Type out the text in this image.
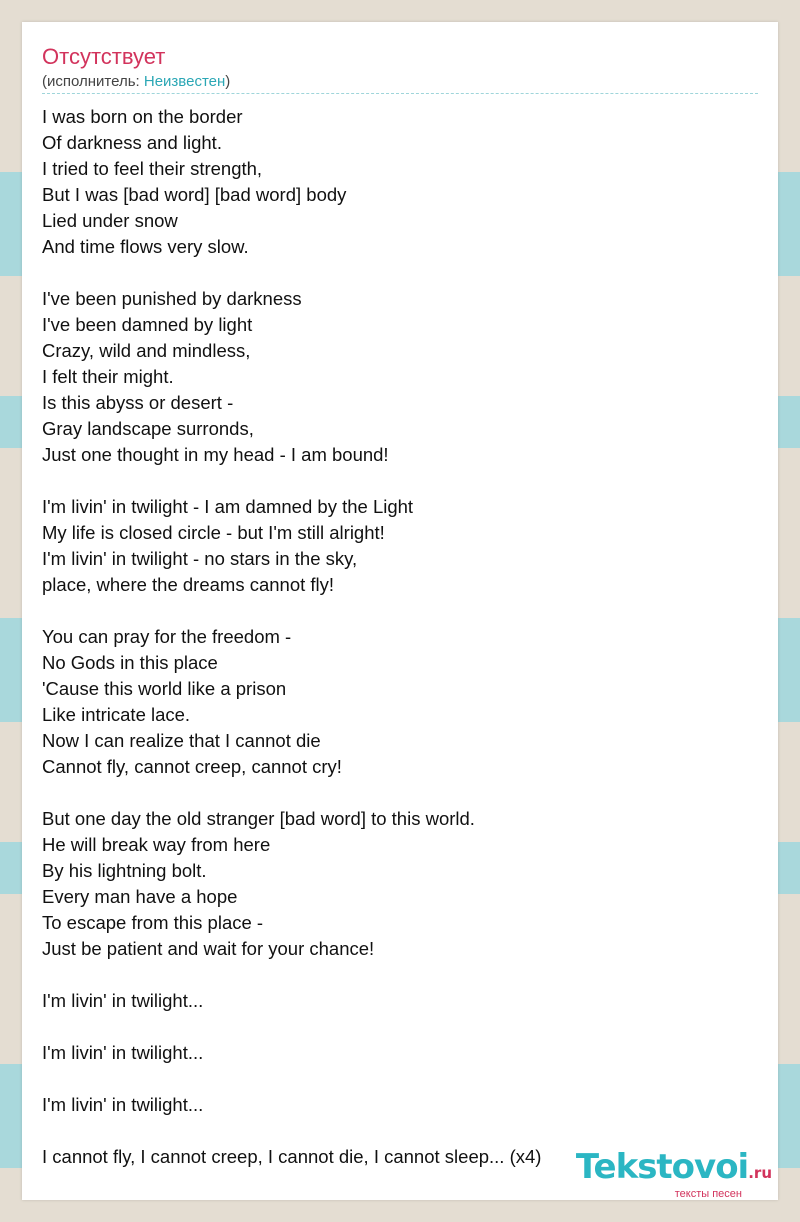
Отсутствует
(исполнитель: Неизвестен)
I was born on the border
Of darkness and light.
I tried to feel their strength,
But I was [bad word] [bad word] body
Lied under snow
And time flows very slow.
I've been punished by darkness
I've been damned by light
Crazy, wild and mindless,
I felt their might.
Is this abyss or desert -
Gray landscape surronds,
Just one thought in my head - I am bound!
I'm livin' in twilight - I am damned by the Light
My life is closed circle - but I'm still alright!
I'm livin' in twilight - no stars in the sky,
place, where the dreams cannot fly!
You can pray for the freedom -
No Gods in this place
'Cause this world like a prison
Like intricate lace.
Now I can realize that I cannot die
Cannot fly, cannot creep, cannot cry!
But one day the old stranger [bad word] to this world.
He will break way from here
By his lightning bolt.
Every man have a hope
To escape from this place -
Just be patient and wait for your chance!
I'm livin' in twilight...
I'm livin' in twilight...
I'm livin' in twilight...
I cannot fly, I cannot creep, I cannot die, I cannot sleep... (x4)	Tekstovoi.ru
тексты песен
